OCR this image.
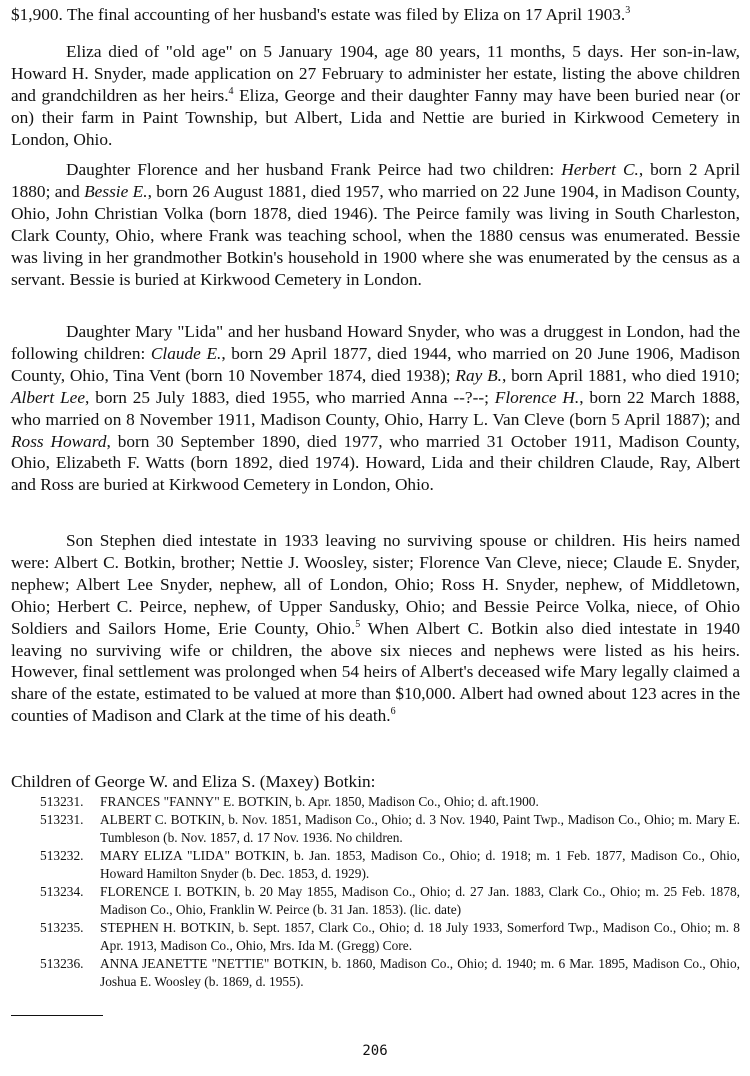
$1,900. The final accounting of her husband's estate was filed by Eliza on 17 April 1903.$^3$

Eliza died of "old age" on 5 January 1904, age 80 years, 11 months, 5 days. Her son-in-law, Howard H. Snyder, made application on 27 February to administer her estate, listing the above children and grandchildren as her heirs.$^4$ Eliza, George and their daughter Fanny may have been buried near (or on) their farm in Paint Township, but Albert, Lida and Nettie are buried in Kirkwood Cemetery in London, Ohio.

Daughter Florence and her husband Frank Peirce had two children: Herbert C., born 2 April 1880; and Bessie E., born 26 August 1881, died 1957, who married on 22 June 1904, in Madison County, Ohio, John Christian Volka (born 1878, died 1946). The Peirce family was living in South Charleston, Clark County, Ohio, where Frank was teaching school, when the 1880 census was enumerated. Bessie was living in her grandmother Botkin's household in 1900 where she was enumerated by the census as a servant. Bessie is buried at Kirkwood Cemetery in London.

Daughter Mary "Lida" and her husband Howard Snyder, who was a druggest in London, had the following children: Claude E., born 29 April 1877, died 1944, who married on 20 June 1906, Madison County, Ohio, Tina Vent (born 10 November 1874, died 1938); Ray B., born April 1881, who died 1910; Albert Lee, born 25 July 1883, died 1955, who married Anna --?--; Florence H., born 22 March 1888, who married on 8 November 1911, Madison County, Ohio, Harry L. Van Cleve (born 5 April 1887); and Ross Howard, born 30 September 1890, died 1977, who married 31 October 1911, Madison County, Ohio, Elizabeth F. Watts (born 1892, died 1974). Howard, Lida and their children Claude, Ray, Albert and Ross are buried at Kirkwood Cemetery in London, Ohio.

Son Stephen died intestate in 1933 leaving no surviving spouse or children. His heirs named were: Albert C. Botkin, brother; Nettie J. Woosley, sister; Florence Van Cleve, niece; Claude E. Snyder, nephew; Albert Lee Snyder, nephew, all of London, Ohio; Ross H. Snyder, nephew, of Middletown, Ohio; Herbert C. Peirce, nephew, of Upper Sandusky, Ohio; and Bessie Peirce Volka, niece, of Ohio Soldiers and Sailors Home, Erie County, Ohio.$^5$ When Albert C. Botkin also died intestate in 1940 leaving no surviving wife or children, the above six nieces and nephews were listed as his heirs. However, final settlement was prolonged when 54 heirs of Albert's deceased wife Mary legally claimed a share of the estate, estimated to be valued at more than $10,000. Albert had owned about 123 acres in the counties of Madison and Clark at the time of his death.$^6$

Children of George W. and Eliza S. (Maxey) Botkin:

513231. FRANCES "FANNY" E. BOTKIN, b. Apr. 1850, Madison Co., Ohio; d. aft.1900.
513231. ALBERT C. BOTKIN, b. Nov. 1851, Madison Co., Ohio; d. 3 Nov. 1940, Paint Twp., Madison Co., Ohio; m. Mary E. Tumbleson (b. Nov. 1857, d. 17 Nov. 1936. No children.
513232. MARY ELIZA "LIDA" BOTKIN, b. Jan. 1853, Madison Co., Ohio; d. 1918; m. 1 Feb. 1877, Madison Co., Ohio, Howard Hamilton Snyder (b. Dec. 1853, d. 1929).
513234. FLORENCE I. BOTKIN, b. 20 May 1855, Madison Co., Ohio; d. 27 Jan. 1883, Clark Co., Ohio; m. 25 Feb. 1878, Madison Co., Ohio, Franklin W. Peirce (b. 31 Jan. 1853). (lic. date)
513235. STEPHEN H. BOTKIN, b. Sept. 1857, Clark Co., Ohio; d. 18 July 1933, Somerford Twp., Madison Co., Ohio; m. 8 Apr. 1913, Madison Co., Ohio, Mrs. Ida M. (Gregg) Core.
513236. ANNA JEANETTE "NETTIE" BOTKIN, b. 1860, Madison Co., Ohio; d. 1940; m. 6 Mar. 1895, Madison Co., Ohio, Joshua E. Woosley (b. 1869, d. 1955).
206
